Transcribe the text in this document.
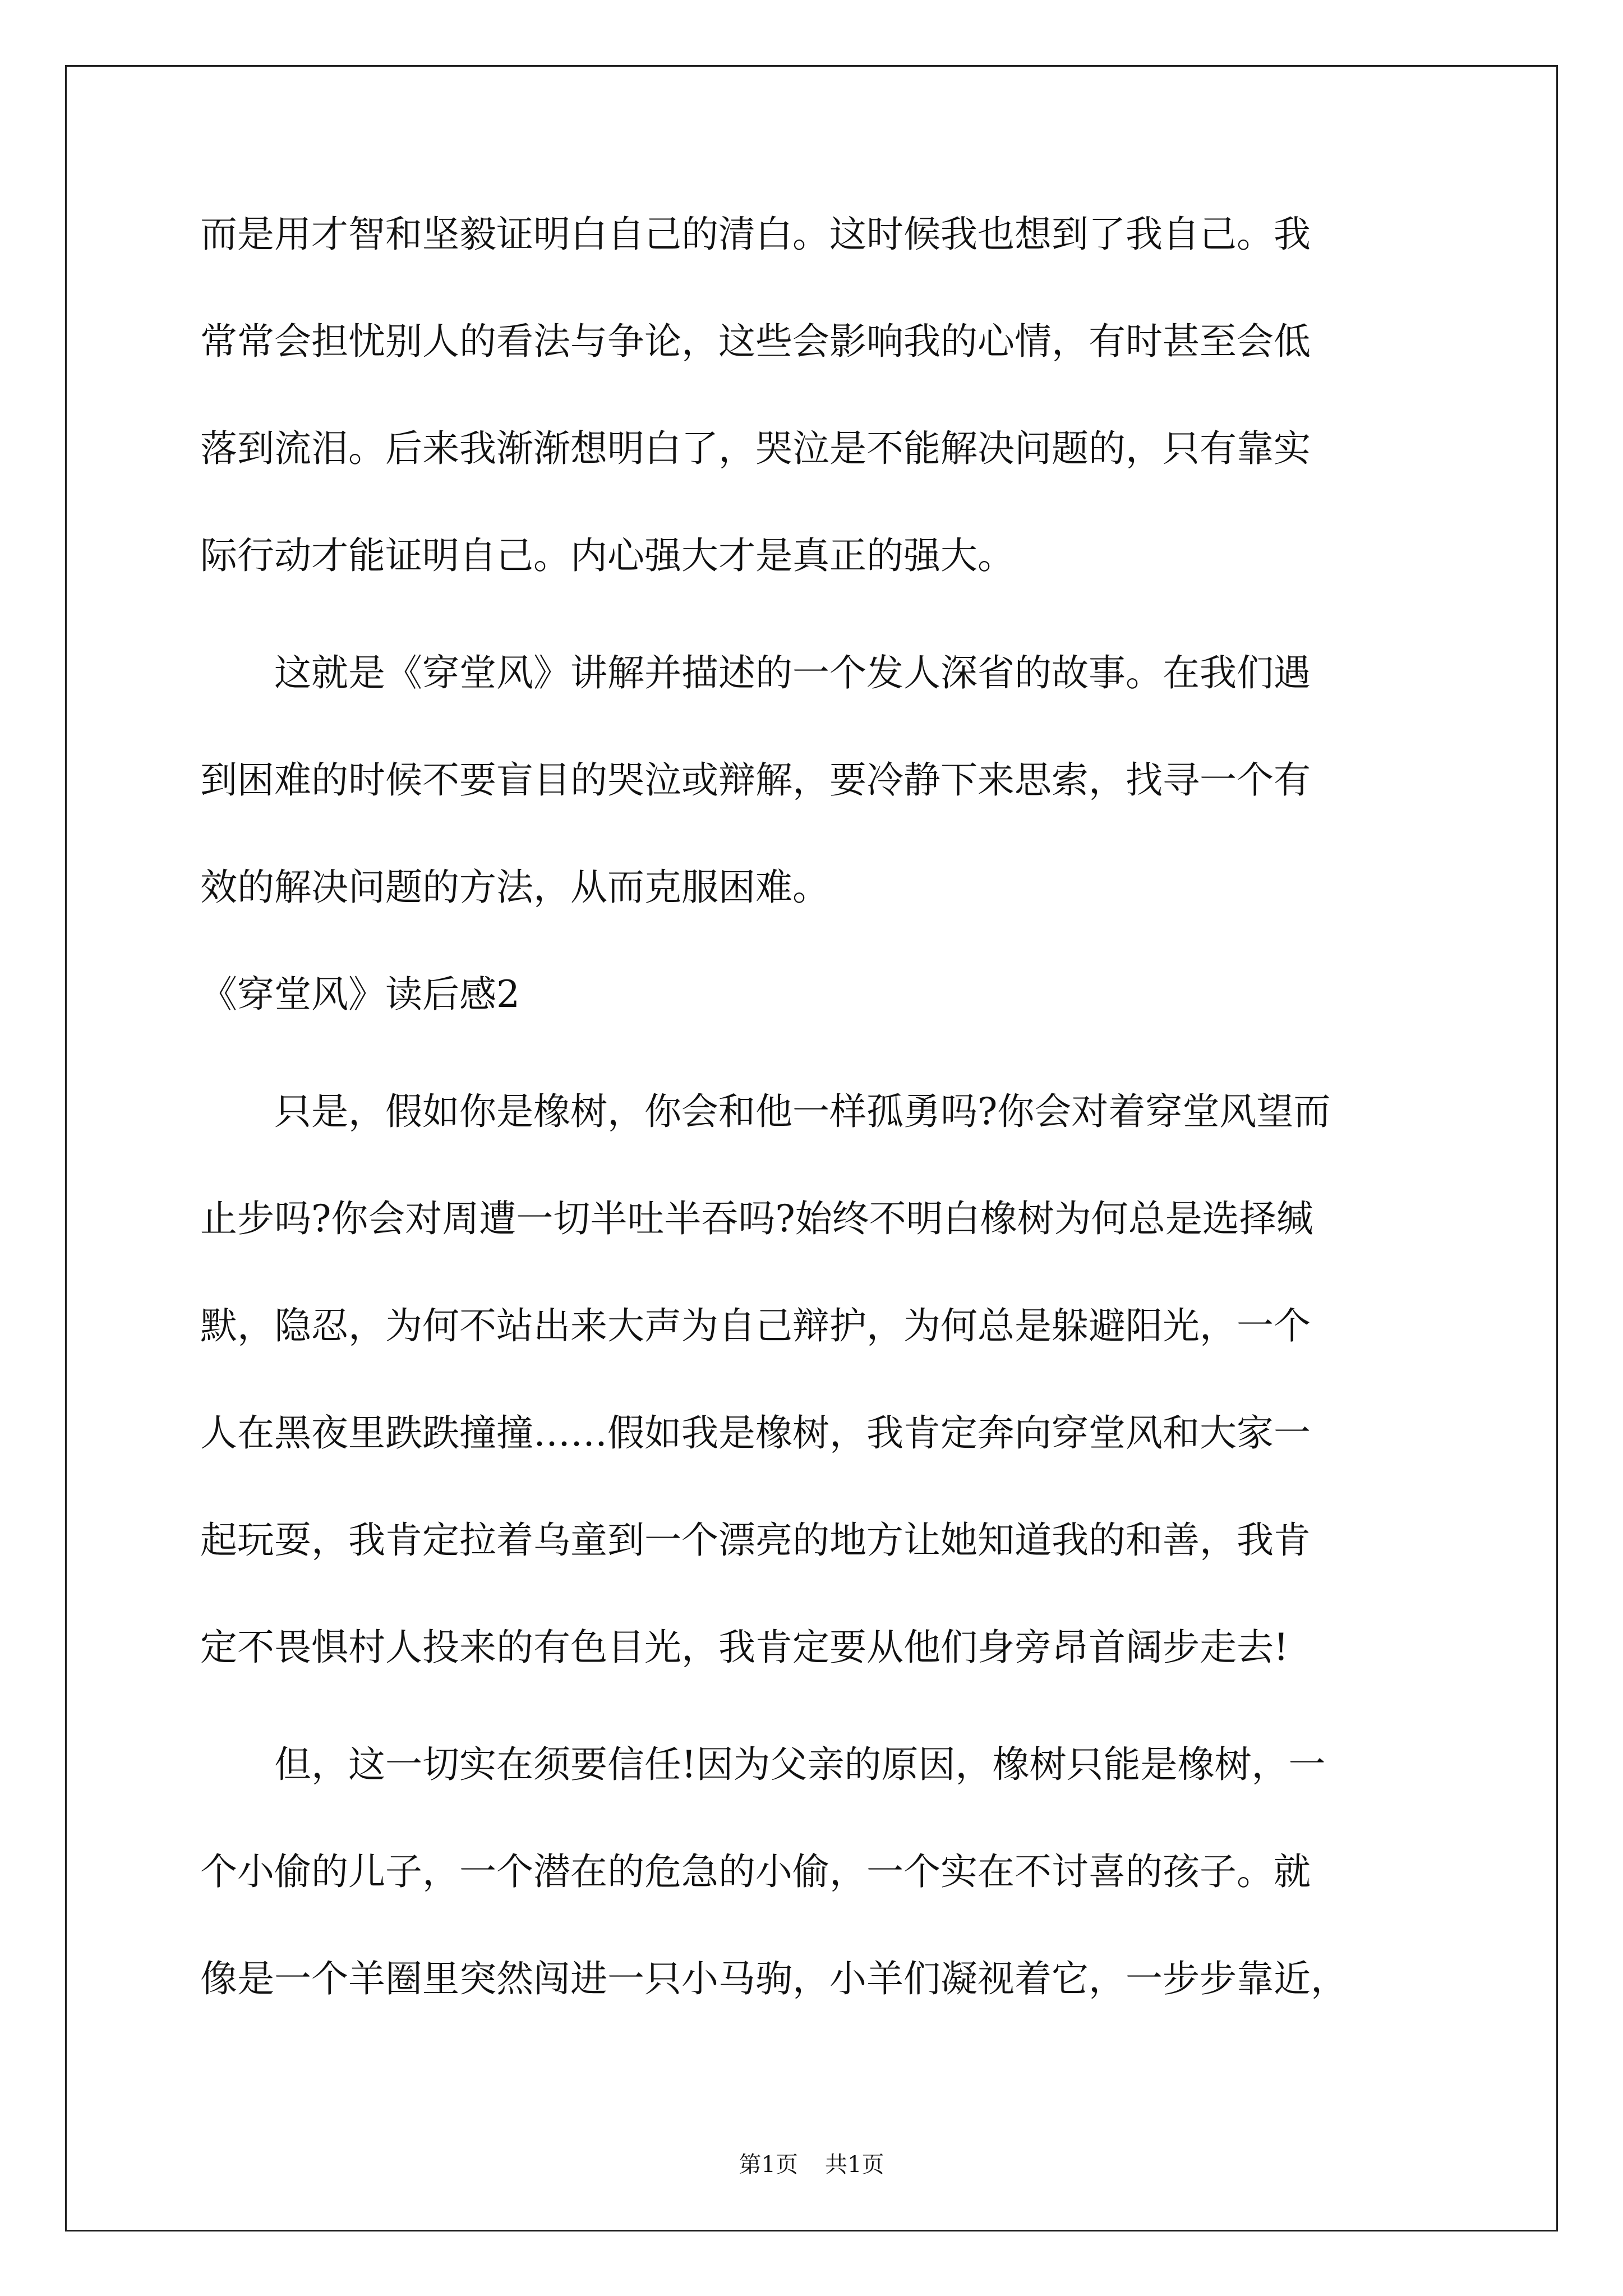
而是用才智和坚毅证明白自己的清白。这时候我也想到了我自己。我
常常会担忧别人的看法与争论，这些会影响我的心情，有时甚至会低
落到流泪。后来我渐渐想明白了，哭泣是不能解决问题的，只有靠实
际行动才能证明自己。内心强大才是真正的强大。
这就是《穿堂风》讲解并描述的一个发人深省的故事。在我们遇
到困难的时候不要盲目的哭泣或辩解，要冷静下来思索，找寻一个有
效的解决问题的方法，从而克服困难。
《穿堂风》读后感2
只是，假如你是橡树，你会和他一样孤勇吗?你会对着穿堂风望而
止步吗?你会对周遭一切半吐半吞吗?始终不明白橡树为何总是选择缄
默，隐忍，为何不站出来大声为自己辩护，为何总是躲避阳光，一个
人在黑夜里跌跌撞撞……假如我是橡树，我肯定奔向穿堂风和大家一
起玩耍，我肯定拉着乌童到一个漂亮的地方让她知道我的和善，我肯
定不畏惧村人投来的有色目光，我肯定要从他们身旁昂首阔步走去!
但，这一切实在须要信任!因为父亲的原因，橡树只能是橡树，一
个小偷的儿子，一个潜在的危急的小偷，一个实在不讨喜的孩子。就
像是一个羊圈里突然闯进一只小马驹，小羊们凝视着它，一步步靠近，
第1页 共1页
